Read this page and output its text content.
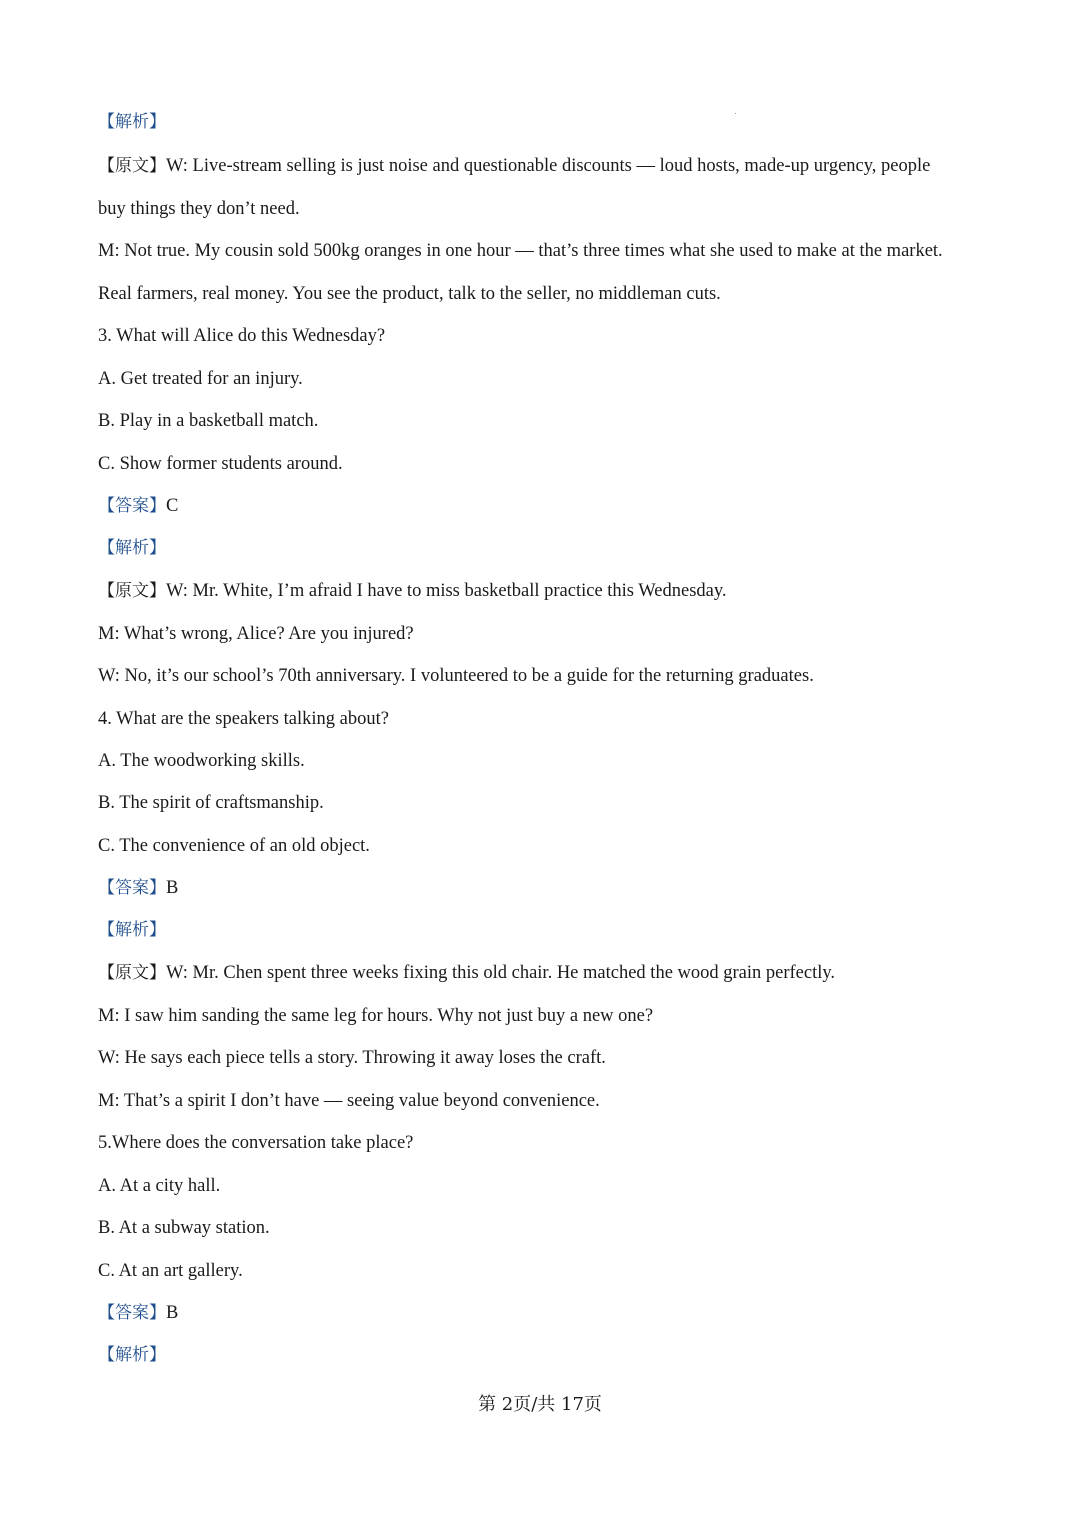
【解析】
【原文】W: Live-stream selling is just noise and questionable discounts — loud hosts, made-up urgency, people
buy things they don’t need.
M: Not true. My cousin sold 500kg oranges in one hour — that’s three times what she used to make at the market.
Real farmers, real money. You see the product, talk to the seller, no middleman cuts.
3. What will Alice do this Wednesday?
A. Get treated for an injury.
B. Play in a basketball match.
C. Show former students around.
【答案】C
【解析】
【原文】W: Mr. White, I’m afraid I have to miss basketball practice this Wednesday.
M: What’s wrong, Alice? Are you injured?
W: No, it’s our school’s 70th anniversary. I volunteered to be a guide for the returning graduates.
4. What are the speakers talking about?
A. The woodworking skills.
B. The spirit of craftsmanship.
C. The convenience of an old object.
【答案】B
【解析】
【原文】W: Mr. Chen spent three weeks fixing this old chair. He matched the wood grain perfectly.
M: I saw him sanding the same leg for hours. Why not just buy a new one?
W: He says each piece tells a story. Throwing it away loses the craft.
M: That’s a spirit I don’t have — seeing value beyond convenience.
5.Where does the conversation take place?
A. At a city hall.
B. At a subway station.
C. At an art gallery.
【答案】B
【解析】
第 2页/共 17页
